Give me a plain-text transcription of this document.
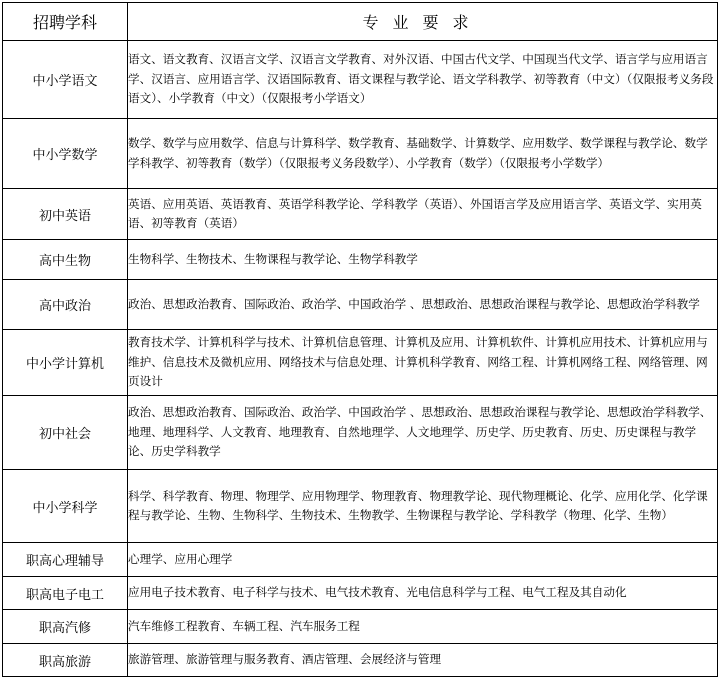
招聘学科	专业要求
中小学语文	语文、语文教育、汉语言文学、汉语言文学教育、对外汉语、中国古代文学、中国现当代文学、语言学与应用语言学、汉语言、应用语言学、汉语国际教育、语文课程与教学论、语文学科教学、初等教育（中文）（仅限报考义务段语文）、小学教育（中文）（仅限报考小学语文）
中小学数学	数学、数学与应用数学、信息与计算科学、数学教育、基础数学、计算数学、应用数学、数学课程与教学论、数学学科教学、初等教育（数学）（仅限报考义务段数学）、小学教育（数学）（仅限报考小学数学）
初中英语	英语、应用英语、英语教育、英语学科教学论、学科教学（英语）、外国语言学及应用语言学、英语文学、实用英语、初等教育（英语）
高中生物	生物科学、生物技术、生物课程与教学论、生物学科教学
高中政治	政治、思想政治教育、国际政治、政治学、中国政治学 、思想政治、思想政治课程与教学论、思想政治学科教学
中小学计算机	教育技术学、计算机科学与技术、计算机信息管理、计算机及应用、计算机软件、计算机应用技术、计算机应用与维护、信息技术及微机应用、网络技术与信息处理、计算机科学教育、网络工程、计算机网络工程、网络管理、网页设计
初中社会	政治、思想政治教育、国际政治、政治学、中国政治学 、思想政治、思想政治课程与教学论、思想政治学科教学、地理、地理科学、人文教育、地理教育、自然地理学、人文地理学、历史学、历史教育、历史、历史课程与教学论、历史学科教学
中小学科学	科学、科学教育、物理、物理学、应用物理学、物理教育、物理教学论、现代物理概论、化学、应用化学、化学课程与教学论、生物、生物科学、生物技术、生物教学、生物课程与教学论、学科教学（物理、化学、生物）
职高心理辅导	心理学、应用心理学
职高电子电工	应用电子技术教育、电子科学与技术、电气技术教育、光电信息科学与工程、电气工程及其自动化
职高汽修	汽车维修工程教育、车辆工程、汽车服务工程
职高旅游	旅游管理、旅游管理与服务教育、酒店管理、会展经济与管理
